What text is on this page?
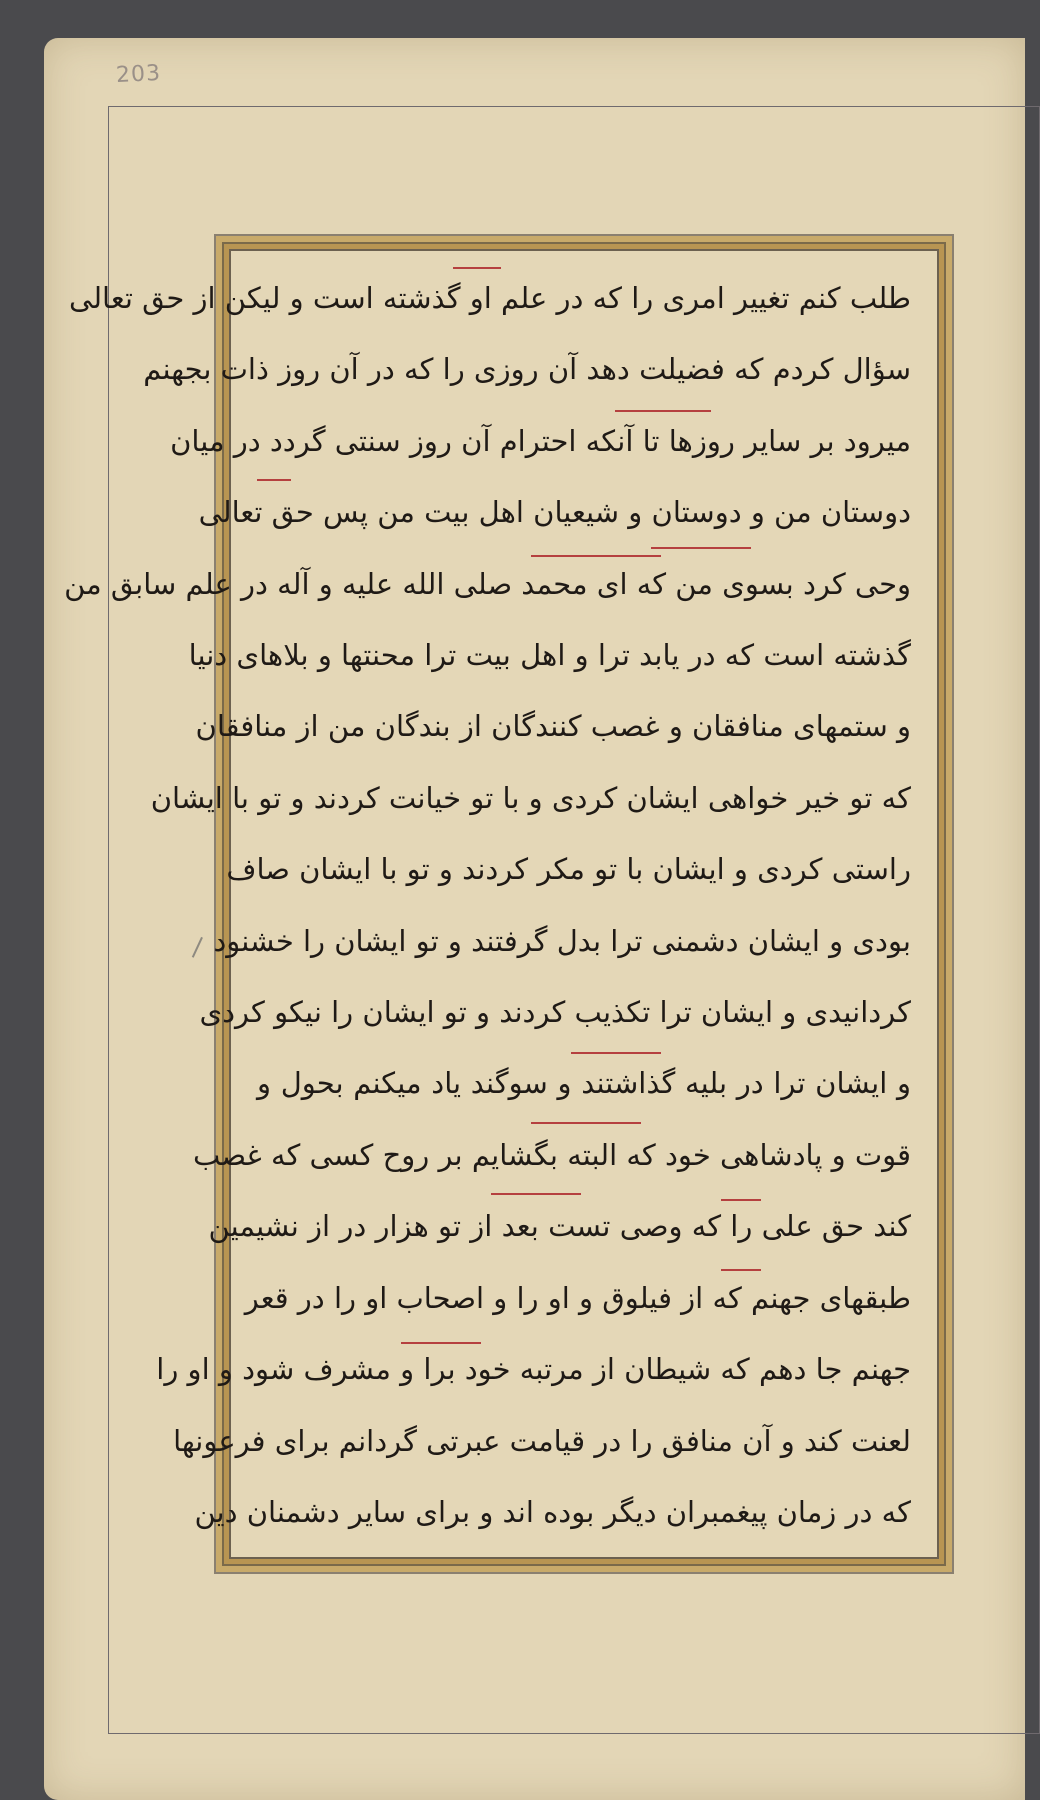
203
طلب کنم تغییر امری را که در علم او گذشته است و لیکن از حق تعالی
سؤال کردم که فضیلت دهد آن روزی را که در آن روز ذات بجهنم
میرود بر سایر روزها تا آنکه احترام آن روز سنتی گردد در میان
دوستان من و دوستان و شیعیان اهل بیت من پس حق تعالی
وحی کرد بسوی من که ای محمد صلی الله علیه و آله در علم سابق من
گذشته است که در یابد ترا و اهل بیت ترا محنتها و بلاهای دنیا
و ستمهای منافقان و غصب کنندگان از بندگان من از منافقان
که تو خیر خواهی ایشان کردی و با تو خیانت کردند و تو با ایشان
راستی کردی و ایشان با تو مکر کردند و تو با ایشان صاف
بودی و ایشان دشمنی ترا بدل گرفتند و تو ایشان را خشنود
کردانیدی و ایشان ترا تکذیب کردند و تو ایشان را نیکو کردی
و ایشان ترا در بلیه گذاشتند و سوگند یاد میکنم بحول و
قوت و پادشاهی خود که البته بگشایم بر روح کسی که غصب
کند حق علی را که وصی تست بعد از تو هزار در از نشیمین
طبقهای جهنم که از فیلوق و او را و اصحاب او را در قعر
جهنم جا دهم که شیطان از مرتبه خود برا و مشرف شود و او را
لعنت کند و آن منافق را در قیامت عبرتی گردانم برای فرعونها
که در زمان پیغمبران دیگر بوده اند و برای سایر دشمنان دین
